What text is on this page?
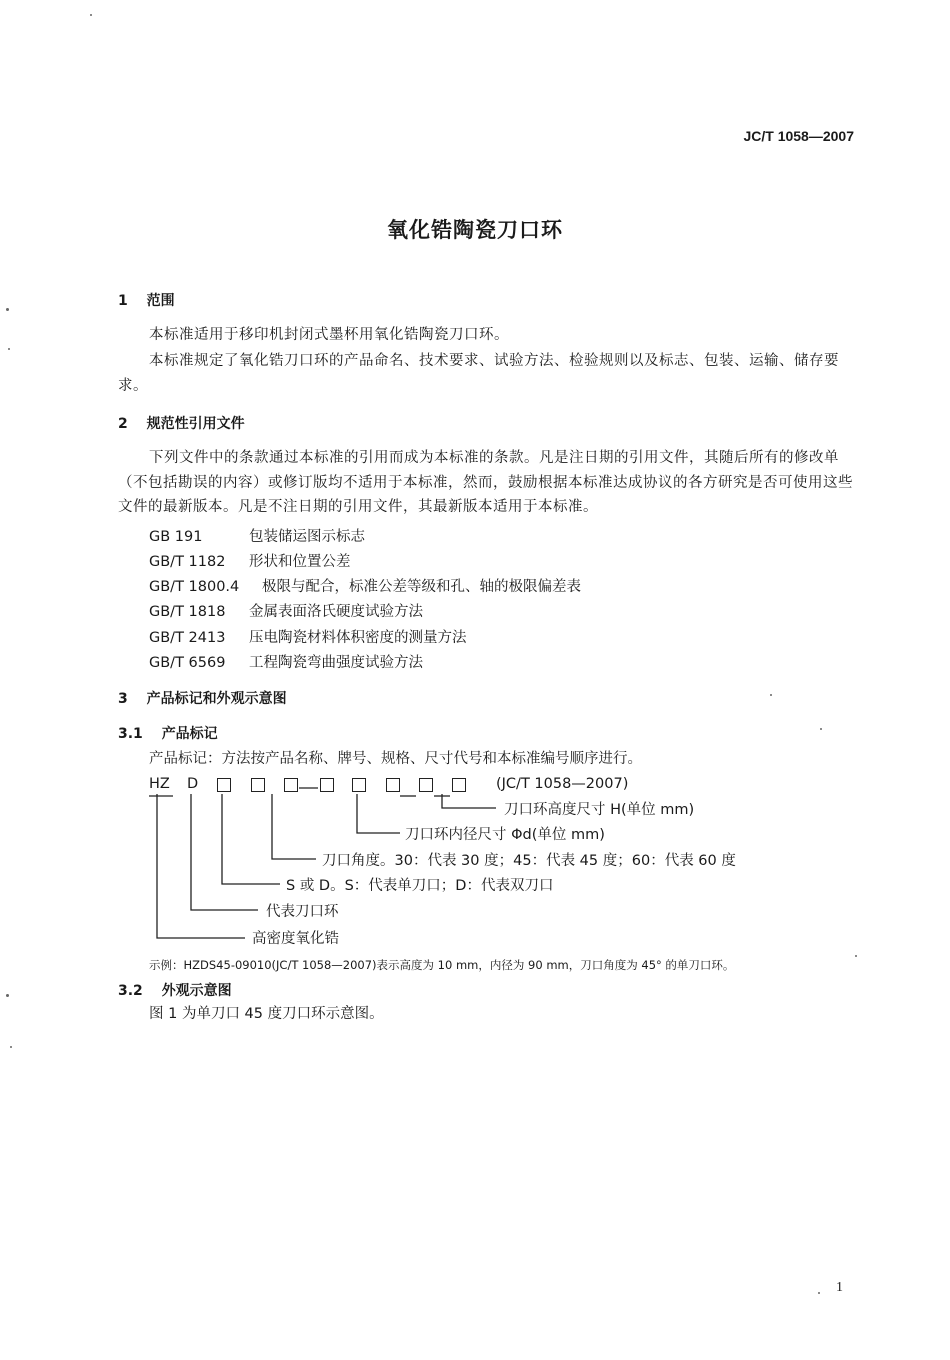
JC/T 1058—2007
氧化锆陶瓷刀口环
1 范围
本标准适用于移印机封闭式墨杯用氧化锆陶瓷刀口环。
本标准规定了氧化锆刀口环的产品命名、技术要求、试验方法、检验规则以及标志、包装、运输、储存要求。
2 规范性引用文件
下列文件中的条款通过本标准的引用而成为本标准的条款。凡是注日期的引用文件，其随后所有的修改单（不包括勘误的内容）或修订版均不适用于本标准，然而，鼓励根据本标准达成协议的各方研究是否可使用这些文件的最新版本。凡是不注日期的引用文件，其最新版本适用于本标准。
GB 191	包装储运图示标志
GB/T 1182 形状和位置公差
GB/T 1800.4 极限与配合，标准公差等级和孔、轴的极限偏差表
GB/T 1818 金属表面洛氏硬度试验方法
GB/T 2413 压电陶瓷材料体积密度的测量方法
GB/T 6569 工程陶瓷弯曲强度试验方法
3 产品标记和外观示意图
3.1 产品标记
产品标记：方法按产品名称、牌号、规格、尺寸代号和本标准编号顺序进行。
HZ D	(JC/T 1058—2007)
刀口环高度尺寸 H(单位 mm)
刀口环内径尺寸 Φd(单位 mm)
刀口角度。30：代表 30 度；45：代表 45 度；60：代表 60 度
S 或 D。S：代表单刀口；D：代表双刀口
代表刀口环
高密度氧化锆
示例：HZDS45-09010(JC/T 1058—2007)表示高度为 10 mm，内径为 90 mm，刀口角度为 45° 的单刀口环。
3.2 外观示意图
图 1 为单刀口 45 度刀口环示意图。
1
